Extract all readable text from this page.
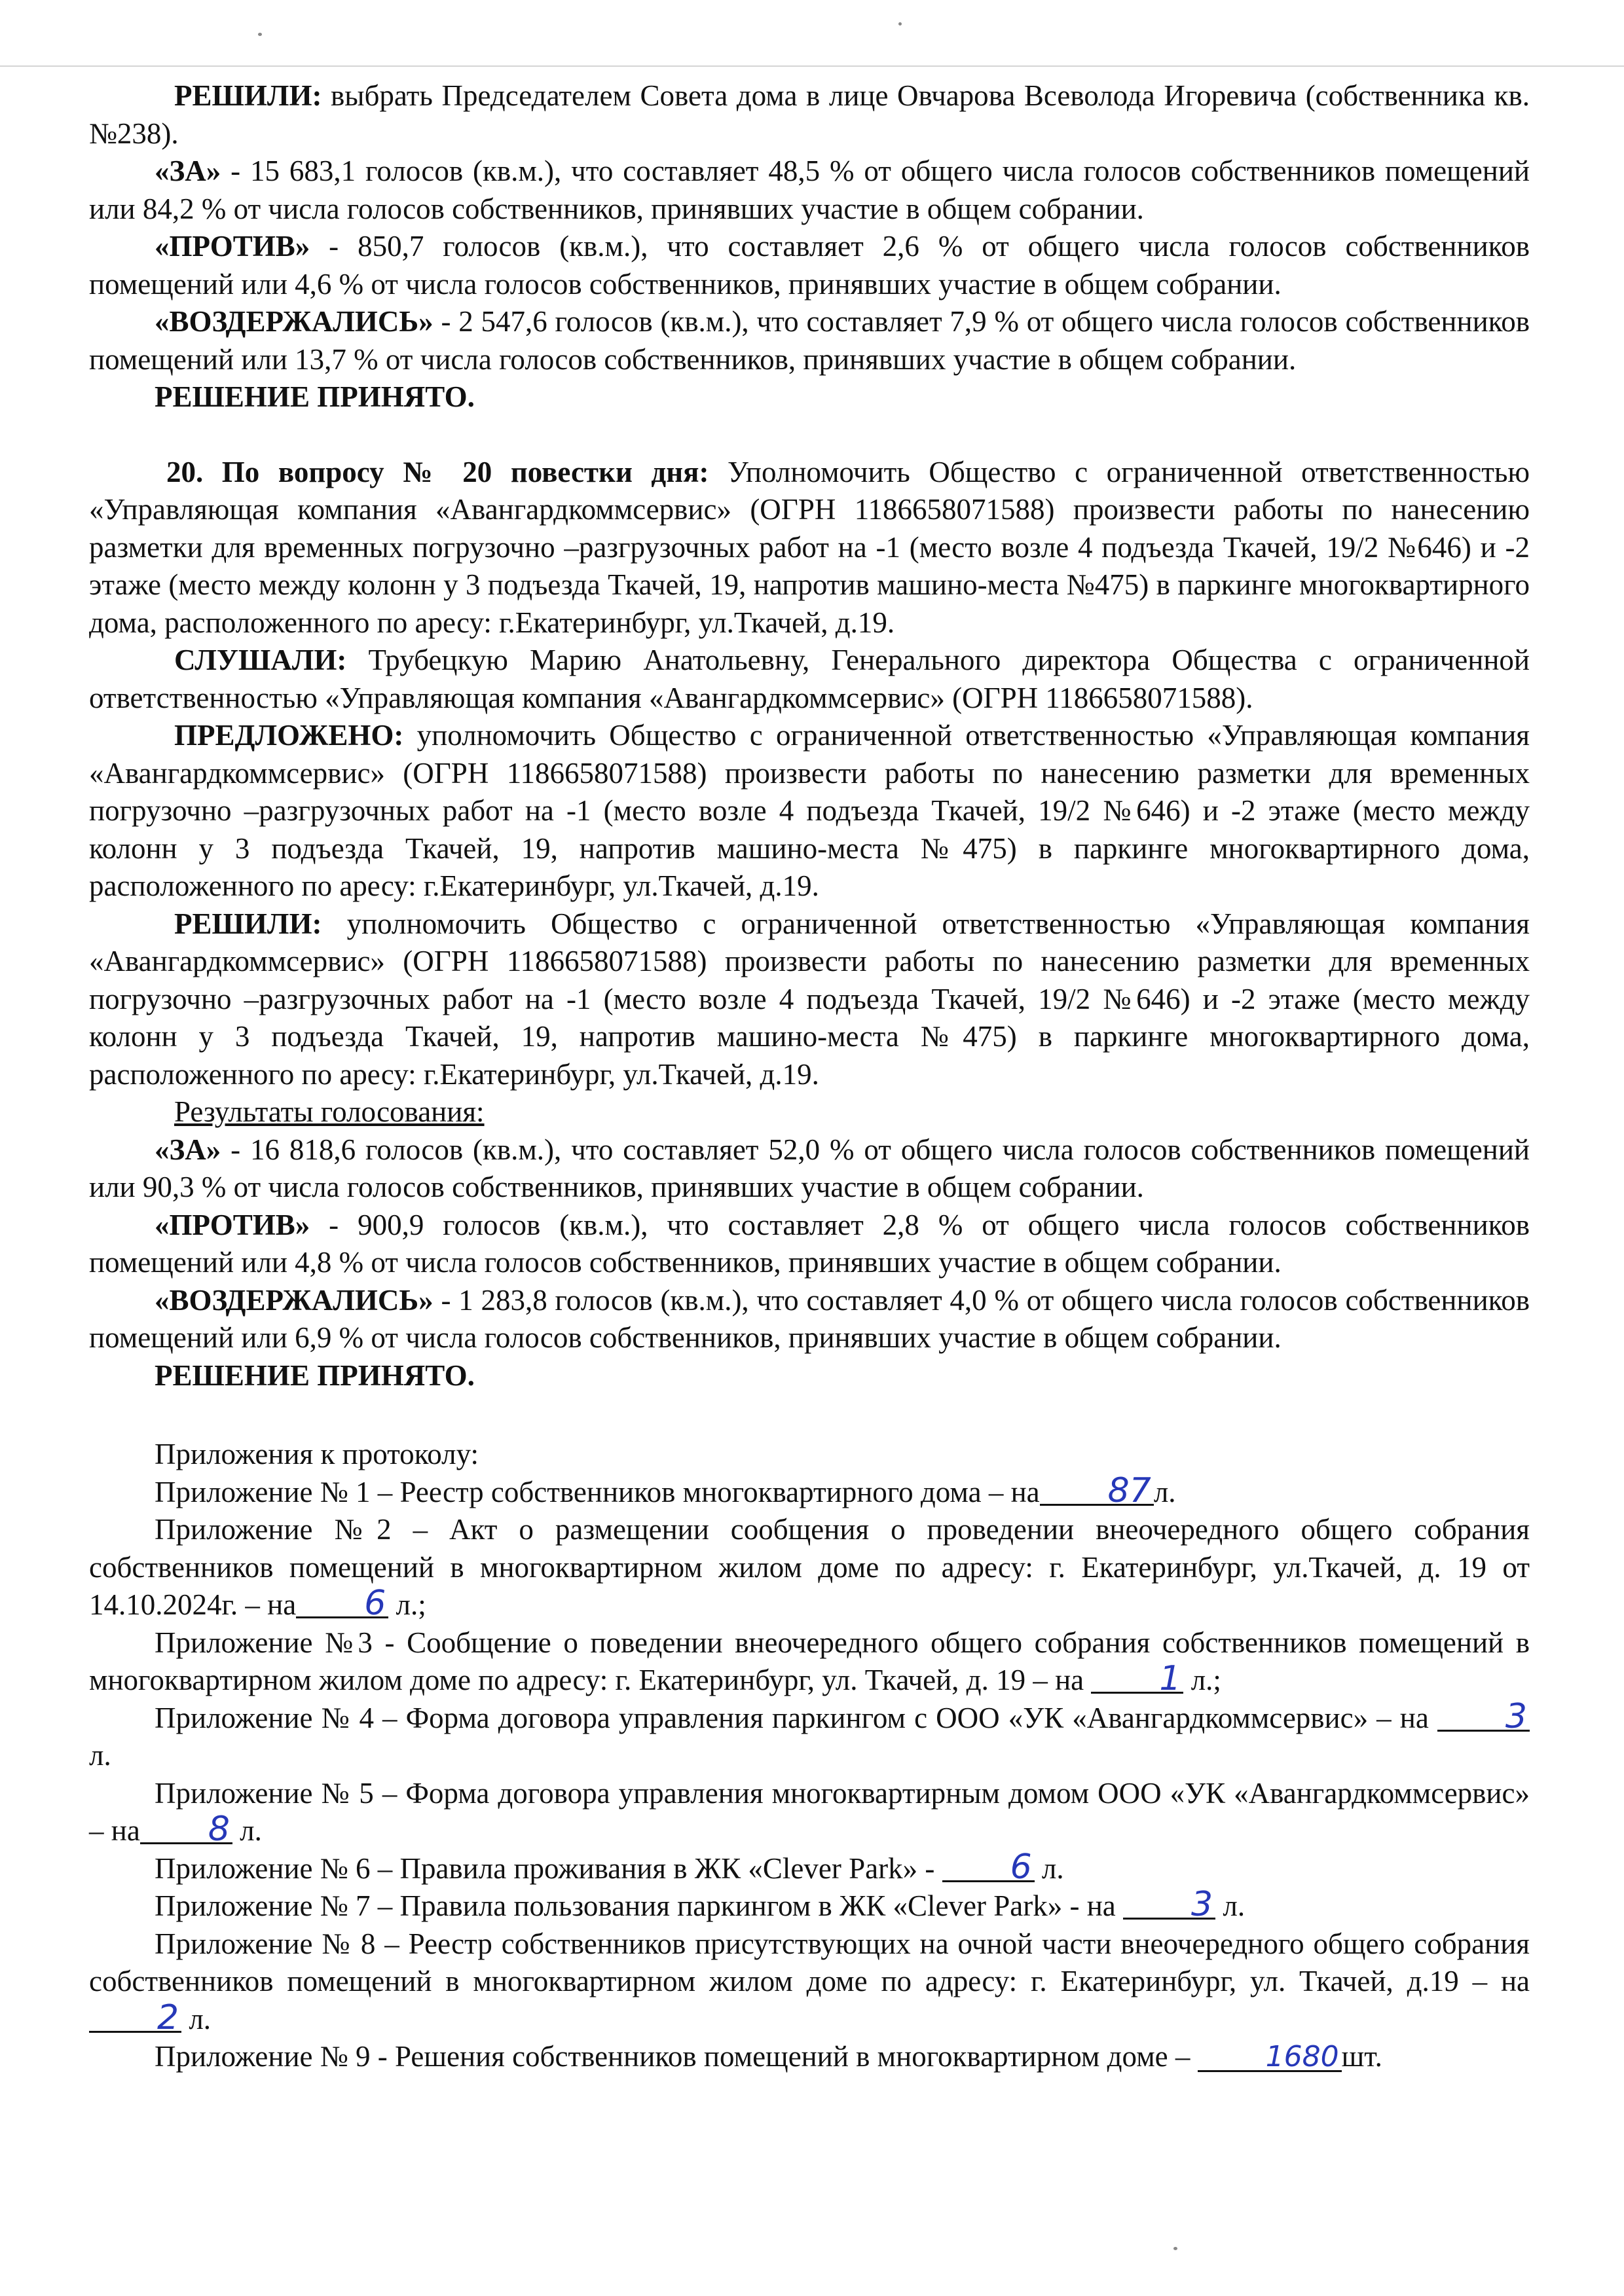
РЕШИЛИ: выбрать Председателем Совета дома в лице Овчарова Всеволода Игоревича (собственника кв.№238).

«ЗА» - 15 683,1 голосов (кв.м.), что составляет 48,5 % от общего числа голосов собственников помещений или 84,2 % от числа голосов собственников, принявших участие в общем собрании.

«ПРОТИВ» - 850,7 голосов (кв.м.), что составляет 2,6 % от общего числа голосов собственников помещений или 4,6 % от числа голосов собственников, принявших участие в общем собрании.

«ВОЗДЕРЖАЛИСЬ» - 2 547,6 голосов (кв.м.), что составляет 7,9 % от общего числа голосов собственников помещений или 13,7 % от числа голосов собственников, принявших участие в общем собрании.

РЕШЕНИЕ ПРИНЯТО.

20. По вопросу № 20 повестки дня: Уполномочить Общество с ограниченной ответственностью «Управляющая компания «Авангардкоммсервис» (ОГРН 1186658071588) произвести работы по нанесению разметки для временных погрузочно –разгрузочных работ на -1 (место возле 4 подъезда Ткачей, 19/2 №646) и -2 этаже (место между колонн у 3 подъезда Ткачей, 19, напротив машино-места №475) в паркинге многоквартирного дома, расположенного по аресу: г.Екатеринбург, ул.Ткачей, д.19.

СЛУШАЛИ: Трубецкую Марию Анатольевну, Генерального директора Общества с ограниченной ответственностью «Управляющая компания «Авангардкоммсервис» (ОГРН 1186658071588).

ПРЕДЛОЖЕНО: уполномочить Общество с ограниченной ответственностью «Управляющая компания «Авангардкоммсервис» (ОГРН 1186658071588) произвести работы по нанесению разметки для временных погрузочно –разгрузочных работ на -1 (место возле 4 подъезда Ткачей, 19/2 №646) и -2 этаже (место между колонн у 3 подъезда Ткачей, 19, напротив машино-места №475) в паркинге многоквартирного дома, расположенного по аресу: г.Екатеринбург, ул.Ткачей, д.19.

РЕШИЛИ: уполномочить Общество с ограниченной ответственностью «Управляющая компания «Авангардкоммсервис» (ОГРН 1186658071588) произвести работы по нанесению разметки для временных погрузочно –разгрузочных работ на -1 (место возле 4 подъезда Ткачей, 19/2 №646) и -2 этаже (место между колонн у 3 подъезда Ткачей, 19, напротив машино-места №475) в паркинге многоквартирного дома, расположенного по аресу: г.Екатеринбург, ул.Ткачей, д.19.

Результаты голосования:

«ЗА» - 16 818,6 голосов (кв.м.), что составляет 52,0 % от общего числа голосов собственников помещений или 90,3 % от числа голосов собственников, принявших участие в общем собрании.

«ПРОТИВ» - 900,9 голосов (кв.м.), что составляет 2,8 % от общего числа голосов собственников помещений или 4,8 % от числа голосов собственников, принявших участие в общем собрании.

«ВОЗДЕРЖАЛИСЬ» - 1 283,8 голосов (кв.м.), что составляет 4,0 % от общего числа голосов собственников помещений или 6,9 % от числа голосов собственников, принявших участие в общем собрании.

РЕШЕНИЕ ПРИНЯТО.

Приложения к протоколу:

Приложение № 1 – Реестр собственников многоквартирного дома – на 87л.

Приложение №2 – Акт о размещении сообщения о проведении внеочередного общего собрания собственников помещений в многоквартирном жилом доме по адресу: г. Екатеринбург, ул.Ткачей, д. 19 от 14.10.2024г. – на 6 л.;

Приложение №3 - Сообщение о поведении внеочередного общего собрания собственников помещений в многоквартирном жилом доме по адресу: г. Екатеринбург, ул. Ткачей, д. 19 – на 1 л.;

Приложение № 4 – Форма договора управления паркингом с ООО «УК «Авангардкоммсервис» – на 3 л.

Приложение № 5 – Форма договора управления многоквартирным домом ООО «УК «Авангардкоммсервис» – на 8 л.

Приложение № 6 – Правила проживания в ЖК «Clever Park» - 6 л.

Приложение № 7 – Правила пользования паркингом в ЖК «Clever Park» - на 3 л.

Приложение № 8 – Реестр собственников присутствующих на очной части внеочередного общего собрания собственников помещений в многоквартирном жилом доме по адресу: г. Екатеринбург, ул. Ткачей, д.19 – на 2 л.

Приложение № 9 - Решения собственников помещений в многоквартирном доме – 1680шт.
